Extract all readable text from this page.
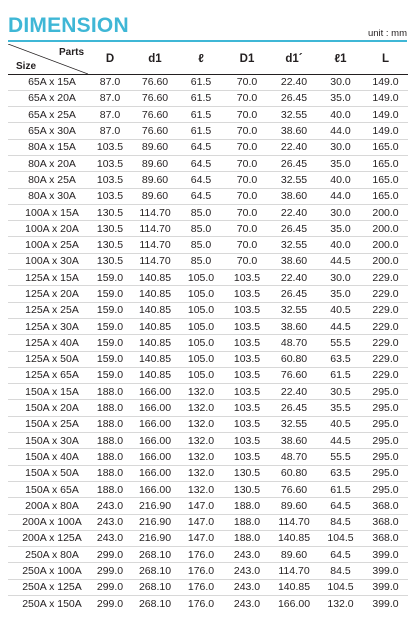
DIMENSION	unit : mm
Parts
Size	D	d1	ℓ	D1	d1´	ℓ1	L
65A x 15A	87.0	76.60	61.5	70.0	22.40	30.0	149.0
65A x 20A	87.0	76.60	61.5	70.0	26.45	35.0	149.0
65A x 25A	87.0	76.60	61.5	70.0	32.55	40.0	149.0
65A x 30A	87.0	76.60	61.5	70.0	38.60	44.0	149.0
80A x 15A	103.5	89.60	64.5	70.0	22.40	30.0	165.0
80A x 20A	103.5	89.60	64.5	70.0	26.45	35.0	165.0
80A x 25A	103.5	89.60	64.5	70.0	32.55	40.0	165.0
80A x 30A	103.5	89.60	64.5	70.0	38.60	44.0	165.0
100A x 15A	130.5	114.70	85.0	70.0	22.40	30.0	200.0
100A x 20A	130.5	114.70	85.0	70.0	26.45	35.0	200.0
100A x 25A	130.5	114.70	85.0	70.0	32.55	40.0	200.0
100A x 30A	130.5	114.70	85.0	70.0	38.60	44.5	200.0
125A x 15A	159.0	140.85	105.0	103.5	22.40	30.0	229.0
125A x 20A	159.0	140.85	105.0	103.5	26.45	35.0	229.0
125A x 25A	159.0	140.85	105.0	103.5	32.55	40.5	229.0
125A x 30A	159.0	140.85	105.0	103.5	38.60	44.5	229.0
125A x 40A	159.0	140.85	105.0	103.5	48.70	55.5	229.0
125A x 50A	159.0	140.85	105.0	103.5	60.80	63.5	229.0
125A x 65A	159.0	140.85	105.0	103.5	76.60	61.5	229.0
150A x 15A	188.0	166.00	132.0	103.5	22.40	30.5	295.0
150A x 20A	188.0	166.00	132.0	103.5	26.45	35.5	295.0
150A x 25A	188.0	166.00	132.0	103.5	32.55	40.5	295.0
150A x 30A	188.0	166.00	132.0	103.5	38.60	44.5	295.0
150A x 40A	188.0	166.00	132.0	103.5	48.70	55.5	295.0
150A x 50A	188.0	166.00	132.0	130.5	60.80	63.5	295.0
150A x 65A	188.0	166.00	132.0	130.5	76.60	61.5	295.0
200A x 80A	243.0	216.90	147.0	188.0	89.60	64.5	368.0
200A x 100A	243.0	216.90	147.0	188.0	114.70	84.5	368.0
200A x 125A	243.0	216.90	147.0	188.0	140.85	104.5	368.0
250A x 80A	299.0	268.10	176.0	243.0	89.60	64.5	399.0
250A x 100A	299.0	268.10	176.0	243.0	114.70	84.5	399.0
250A x 125A	299.0	268.10	176.0	243.0	140.85	104.5	399.0
250A x 150A	299.0	268.10	176.0	243.0	166.00	132.0	399.0
